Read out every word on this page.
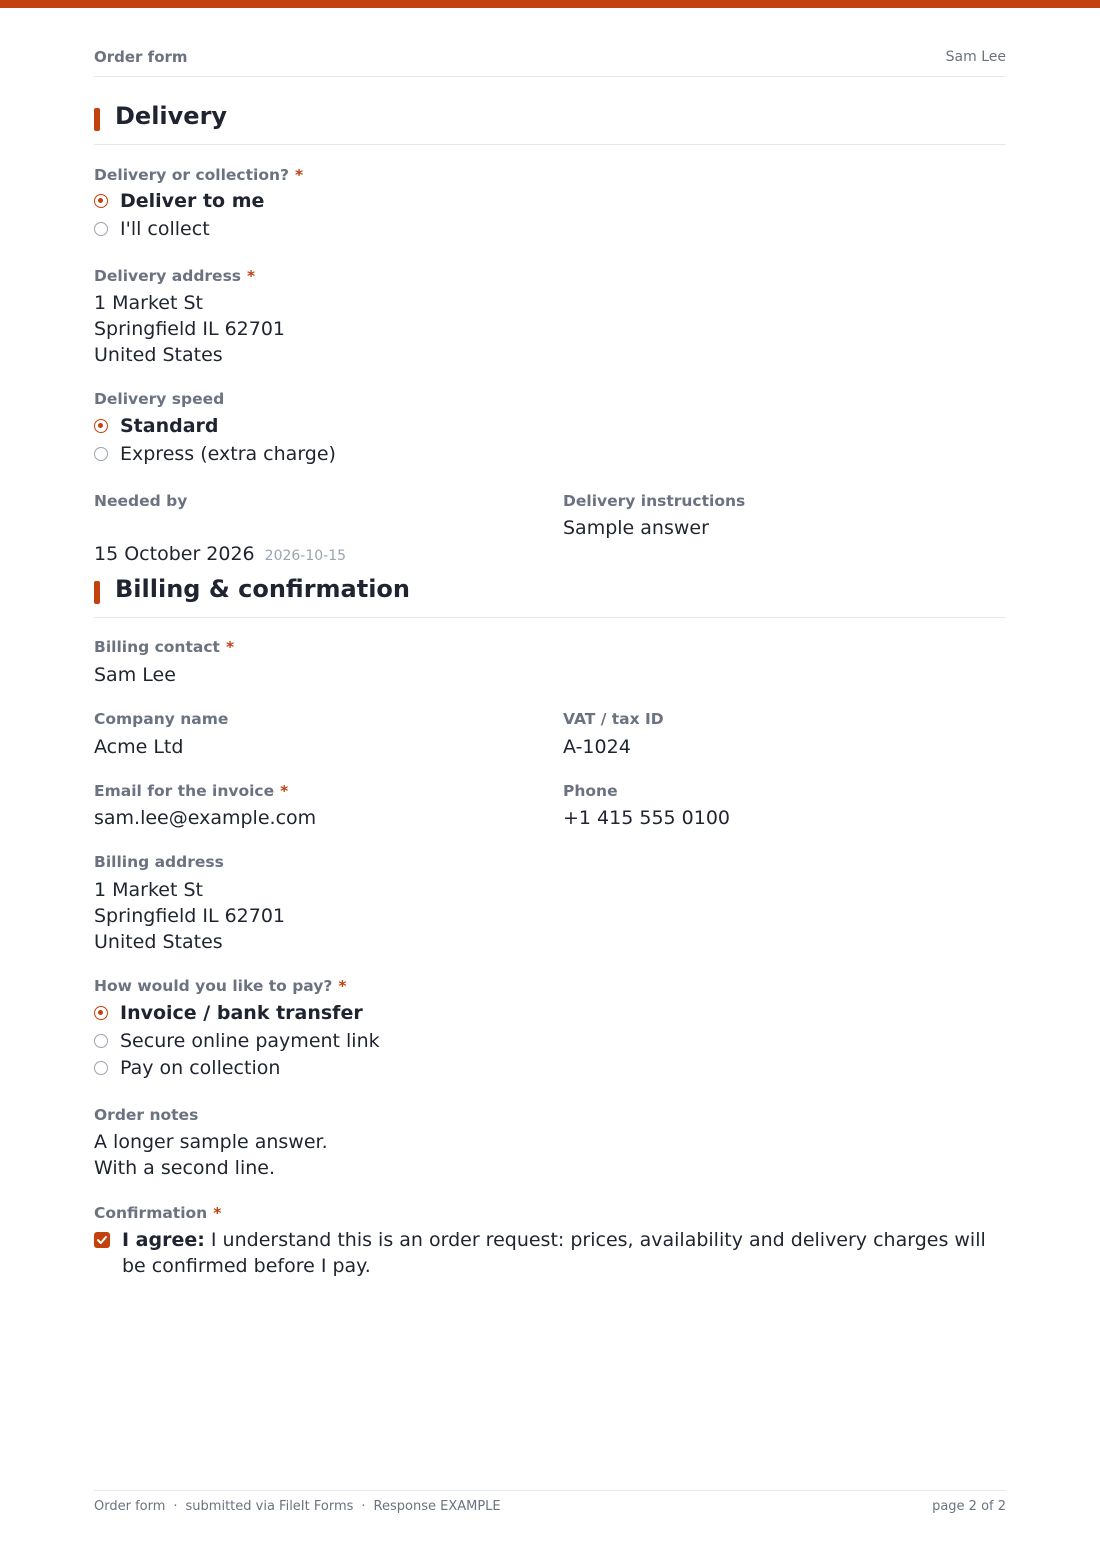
Order form	Sam Lee
Delivery
Delivery or collection? *
Deliver to me
I'll collect
Delivery address *
1 Market St
Springfield IL 62701
United States
Delivery speed
Standard
Express (extra charge)
Needed by

15 October 2026 2026-10-15

Delivery instructions
Sample answer
Billing & confirmation
Billing contact *
Sam Lee
Company name
Acme Ltd
VAT / tax ID
A-1024
Email for the invoice *
sam.lee@example.com
Phone
+1 415 555 0100
Billing address
1 Market St
Springfield IL 62701
United States
How would you like to pay? *
Invoice / bank transfer
Secure online payment link
Pay on collection
Order notes
A longer sample answer.
With a second line.
Confirmation *
I agree: I understand this is an order request: prices, availability and delivery charges will be confirmed before I pay.
Order form · submitted via FileIt Forms · Response EXAMPLE	page 2 of 2
